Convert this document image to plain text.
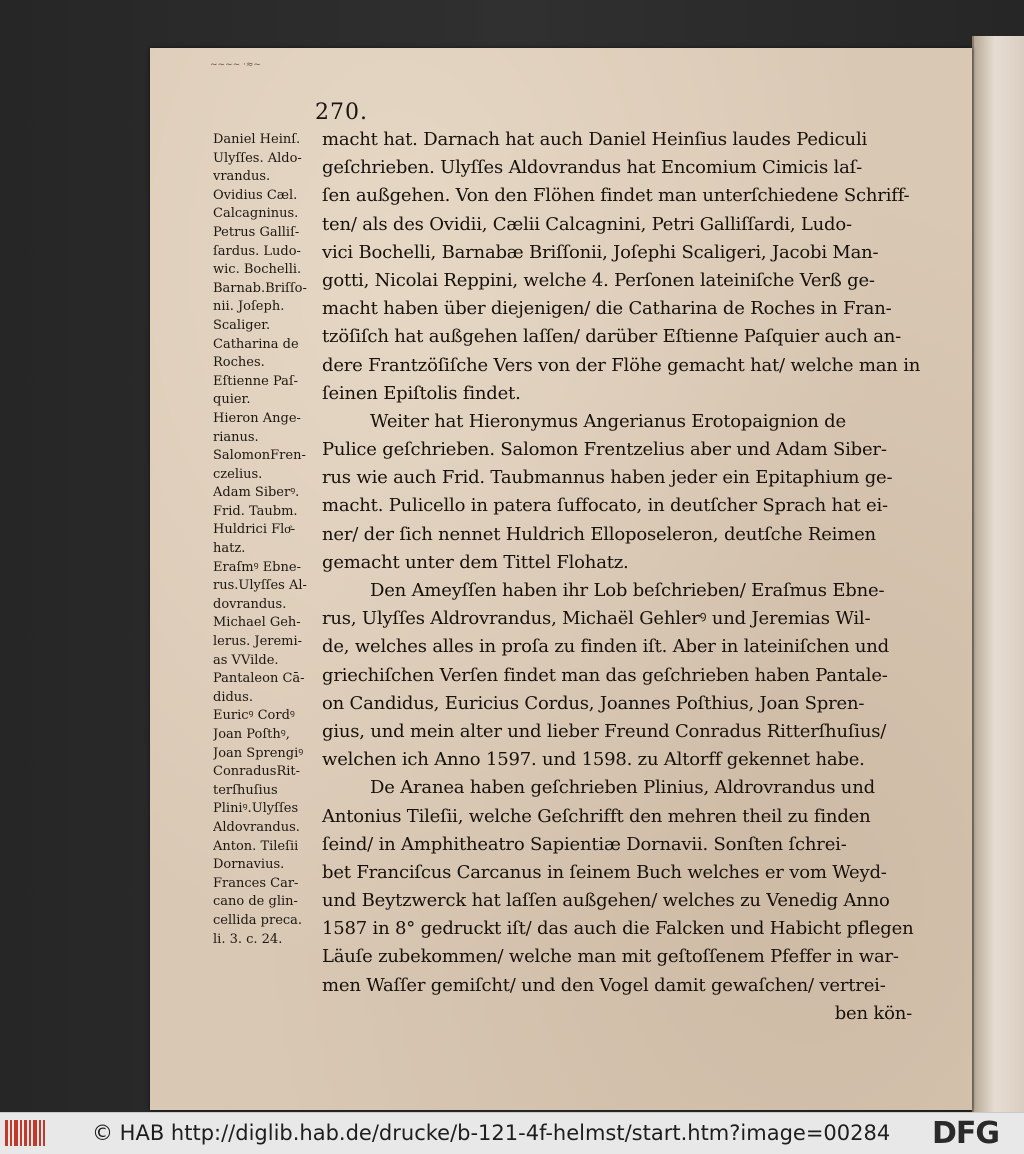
~~~~ ·≈~
270.
Daniel Heinſ.
Ulyſſes. Aldo-
vrandus.
Ovidius Cæl.
Calcagninus.
Petrus Galliſ-
ſardus. Ludo-
wic. Bochelli.
Barnab.Briſſo-
nii. Joſeph.
Scaliger.
Catharina de
Roches.
Eſtienne Paſ-
quier.
Hieron Ange-
rianus.
SalomonFren-
czelius.
Adam Siberꝰ.
Frid. Taubm.
Huldrici Floͤ-
hatz.
Eraſmꝰ Ebne-
rus.Ulyſſes Al-
dovrandus.
Michael Geh-
lerus. Jeremi-
as VVilde.
Pantaleon Cā-
didus.
Euricꝰ Cordꝰ
Joan Poſthꝰ,
Joan Sprengiꝰ
ConradusRit-
terſhuſius
Pliniꝰ.Ulyſſes
Aldovrandus.
Anton. Tileſii
Dornavius.
Frances Car-
cano de glin-
cellida preca.
li. 3. c. 24.
macht hat. Darnach hat auch Daniel Heinſius laudes Pediculi
geſchrieben. Ulyſſes Aldovrandus hat Encomium Cimicis laſ-
ſen außgehen. Von den Flöhen findet man unterſchiedene Schriff-
ten/ als des Ovidii, Cælii Calcagnini, Petri Galliſſardi, Ludo-
vici Bochelli, Barnabæ Briſſonii, Joſephi Scaligeri, Jacobi Man-
gotti, Nicolai Reppini, welche 4. Perſonen lateiniſche Verß ge-
macht haben über diejenigen/ die Catharina de Roches in Fran-
tzöſiſch hat außgehen laſſen/ darüber Eſtienne Paſquier auch an-
dere Frantzöſiſche Vers von der Flöhe gemacht hat/ welche man in
ſeinen Epiſtolis findet.
Weiter hat Hieronymus Angerianus Erotopaignion de
Pulice geſchrieben. Salomon Frentzelius aber und Adam Siber-
rus wie auch Frid. Taubmannus haben jeder ein Epitaphium ge-
macht. Pulicello in patera ſuffocato, in deutſcher Sprach hat ei-
ner/ der ſich nennet Huldrich Elloposeleron, deutſche Reimen
gemacht unter dem Tittel Flohatz.
Den Ameyſſen haben ihr Lob beſchrieben/ Eraſmus Ebne-
rus, Ulyſſes Aldrovrandus, Michaël Gehlerꝰ und Jeremias Wil-
de, welches alles in proſa zu finden iſt. Aber in lateiniſchen und
griechiſchen Verſen findet man das geſchrieben haben Pantale-
on Candidus, Euricius Cordus, Joannes Poſthius, Joan Spren-
gius, und mein alter und lieber Freund Conradus Ritterſhuſius/
welchen ich Anno 1597. und 1598. zu Altorff gekennet habe.
De Aranea haben geſchrieben Plinius, Aldrovrandus und
Antonius Tileſii, welche Geſchrifft den mehren theil zu finden
ſeind/ in Amphitheatro Sapientiæ Dornavii. Sonſten ſchrei-
bet Franciſcus Carcanus in ſeinem Buch welches er vom Weyd-
und Beytzwerck hat laſſen außgehen/ welches zu Venedig Anno
1587 in 8° gedruckt iſt/ das auch die Falcken und Habicht pflegen
Läuſe zubekommen/ welche man mit geſtoſſenem Pfeffer in war-
men Waſſer gemiſcht/ und den Vogel damit gewaſchen/ vertrei-
ben kön-
© HAB http://diglib.hab.de/drucke/b-121-4f-helmst/start.htm?image=00284 DFG
